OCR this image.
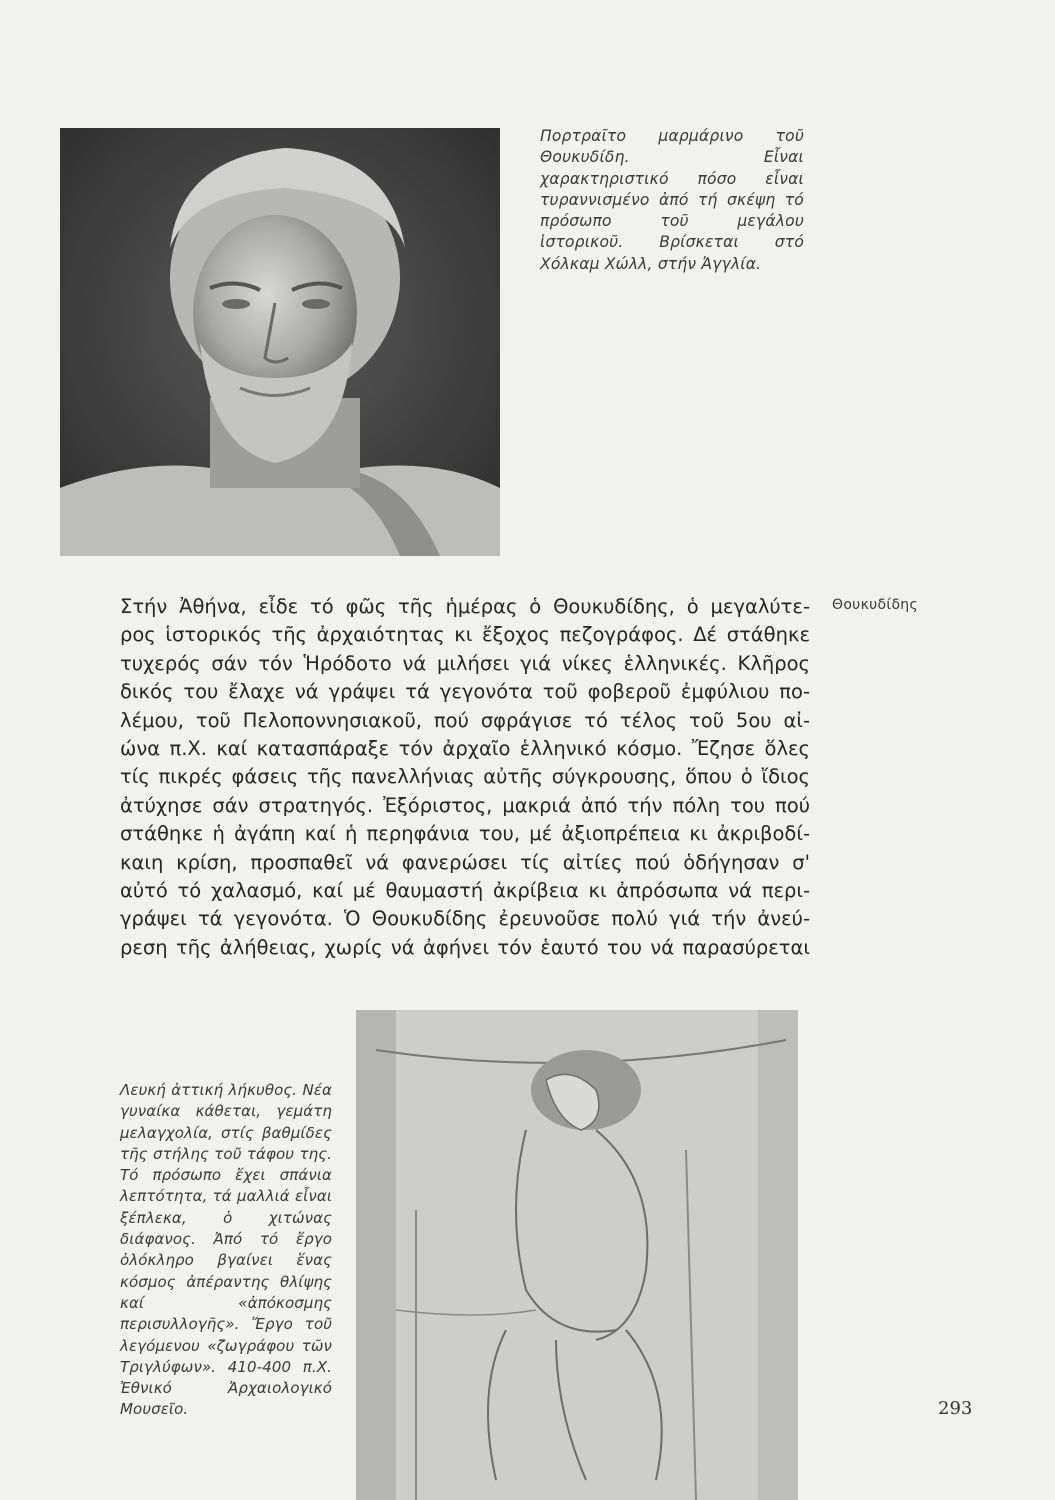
Πορτραῖτο μαρμάρινο τοῦ Θουκυδίδη. Εἶναι χαρακτηριστικό πόσο εἶναι τυραννισμένο ἀπό τή σκέψη τό πρόσωπο τοῦ μεγάλου ἱστορικοῦ. Βρίσκεται στό Χόλκαμ Χώλλ, στήν Ἀγγλία.
Θουκυδίδης
Στήν Ἀθήνα, εἶδε τό φῶς τῆς ἡμέρας ὁ Θουκυδίδης, ὁ μεγαλύτε-
ρος ἱστορικός τῆς ἀρχαιότητας κι ἔξοχος πεζογράφος. Δέ στάθηκε
τυχερός σάν τόν Ἡρόδοτο νά μιλήσει γιά νίκες ἑλληνικές. Κλῆρος
δικός του ἔλαχε νά γράψει τά γεγονότα τοῦ φοβεροῦ ἐμφύλιου πο-
λέμου, τοῦ Πελοποννησιακοῦ, πού σφράγισε τό τέλος τοῦ 5ου αἰ-
ώνα π.Χ. καί κατασπάραξε τόν ἀρχαῖο ἑλληνικό κόσμο. Ἔζησε ὅλες
τίς πικρές φάσεις τῆς πανελλήνιας αὐτῆς σύγκρουσης, ὅπου ὁ ἴδιος
ἀτύχησε σάν στρατηγός. Ἐξόριστος, μακριά ἀπό τήν πόλη του πού
στάθηκε ἡ ἀγάπη καί ἡ περηφάνια του, μέ ἀξιοπρέπεια κι ἀκριβοδί-
καιη κρίση, προσπαθεῖ νά φανερώσει τίς αἰτίες πού ὁδήγησαν σ'
αὐτό τό χαλασμό, καί μέ θαυμαστή ἀκρίβεια κι ἀπρόσωπα νά περι-
γράψει τά γεγονότα. Ὁ Θουκυδίδης ἐρευνοῦσε πολύ γιά τήν ἀνεύ-
ρεση τῆς ἀλήθειας, χωρίς νά ἀφήνει τόν ἑαυτό του νά παρασύρεται
Λευκή ἀττική λήκυθος. Νέα γυναίκα κάθεται, γεμάτη μελαγχολία, στίς βαθμίδες τῆς στήλης τοῦ τάφου της. Τό πρόσωπο ἔχει σπάνια λεπτότητα, τά μαλλιά εἶναι ξέπλεκα, ὁ χιτώνας διάφανος. Ἀπό τό ἔργο ὁλόκληρο βγαίνει ἕνας κόσμος ἀπέραντης θλίψης καί «ἀπόκοσμης περισυλλογῆς». Ἔργο τοῦ λεγόμενου «ζωγράφου τῶν Τριγλύφων». 410-400 π.Χ. Ἐθνικό Ἀρχαιολογικό Μουσεῖο.	293
